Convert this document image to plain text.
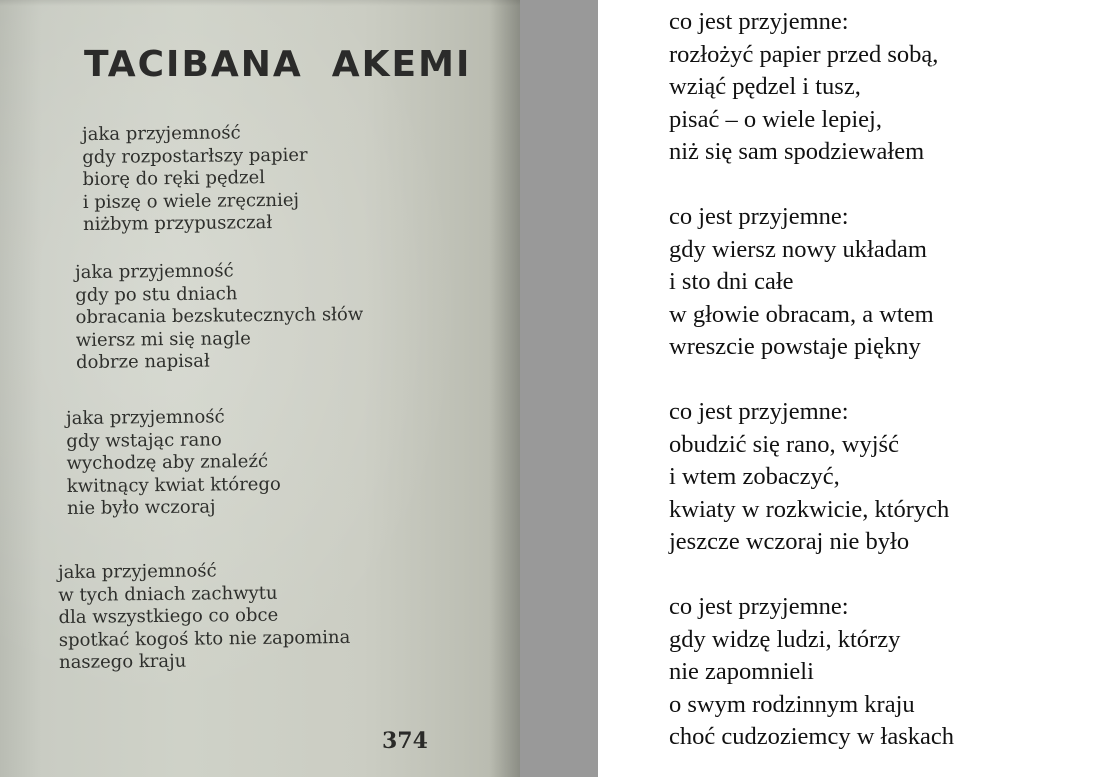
TACIBANA  AKEMI
jaka przyjemność
gdy rozpostarłszy papier
biorę do ręki pędzel
i piszę o wiele zręczniej
niżbym przypuszczał
jaka przyjemność
gdy po stu dniach
obracania bezskutecznych słów
wiersz mi się nagle
dobrze napisał
jaka przyjemność
gdy wstając rano
wychodzę aby znaleźć
kwitnący kwiat którego
nie było wczoraj
jaka przyjemność
w tych dniach zachwytu
dla wszystkiego co obce
spotkać kogoś kto nie zapomina
naszego kraju
374
co jest przyjemne:
rozłożyć papier przed sobą,
wziąć pędzel i tusz,
pisać – o wiele lepiej,
niż się sam spodziewałem
co jest przyjemne:
gdy wiersz nowy układam
i sto dni całe
w głowie obracam, a wtem
wreszcie powstaje piękny
co jest przyjemne:
obudzić się rano, wyjść
i wtem zobaczyć,
kwiaty w rozkwicie, których
jeszcze wczoraj nie było
co jest przyjemne:
gdy widzę ludzi, którzy
nie zapomnieli
o swym rodzinnym kraju
choć cudzoziemcy w łaskach
